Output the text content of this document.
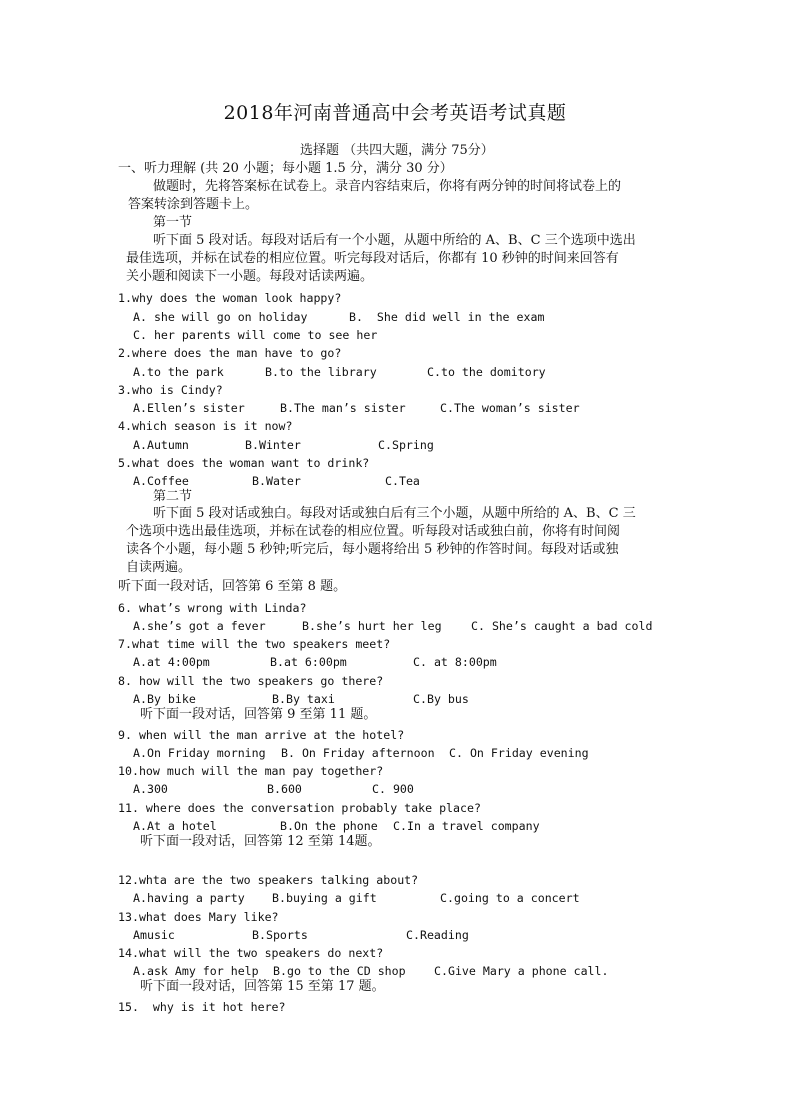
2018年河南普通高中会考英语考试真题
选择题 （共四大题，满分 75分）
一、听力理解 (共 20 小题；每小题 1.5 分，满分 30 分）
做题时，先将答案标在试卷上。录音内容结束后，你将有两分钟的时间将试卷上的
答案转涂到答题卡上。
第一节
听下面 5 段对话。每段对话后有一个小题，从题中所给的 A、B、C 三个选项中选出
最佳选项，并标在试卷的相应位置。听完每段对话后，你都有 10 秒钟的时间来回答有
关小题和阅读下一小题。每段对话读两遍。
1.why does the woman look happy?
A. she will go on holiday	B.  She did well in the exam
C. her parents will come to see her
2.where does the man have to go?
A.to the park	B.to the library	C.to the domitory
3.who is Cindy?
A.Ellen’s sister	B.The man’s sister	C.The woman’s sister
4.which season is it now?
A.Autumn	B.Winter	C.Spring
5.what does the woman want to drink?
A.Coffee	B.Water	C.Tea
第二节
听下面 5 段对话或独白。每段对话或独白后有三个小题，从题中所给的 A、B、C 三
个选项中选出最佳选项，并标在试卷的相应位置。听每段对话或独白前，你将有时间阅
读各个小题，每小题 5 秒钟;听完后，每小题将给出 5 秒钟的作答时间。每段对话或独
自读两遍。
听下面一段对话，回答第 6 至第 8 题。
6. what’s wrong with Linda?
A.she’s got a fever	B.she’s hurt her leg	C. She’s caught a bad cold
7.what time will the two speakers meet?
A.at 4:00pm	B.at 6:00pm	C. at 8:00pm
8. how will the two speakers go there?
A.By bike	B.By taxi	C.By bus
听下面一段对话，回答第 9 至第 11 题。
9. when will the man arrive at the hotel?
A.On Friday morning B. On Friday afternoon C. On Friday evening
10.how much will the man pay together?
A.300	B.600	C. 900
11. where does the conversation probably take place?
A.At a hotel	B.On the phone C.In a travel company
听下面一段对话，回答第 12 至第 14题。
12.whta are the two speakers talking about?
A.having a party B.buying a gift	C.going to a concert
13.what does Mary like?
Amusic	B.Sports	C.Reading
14.what will the two speakers do next?
A.ask Amy for help B.go to the CD shop C.Give Mary a phone call.
听下面一段对话，回答第 15 至第 17 题。
15.  why is it hot here?
